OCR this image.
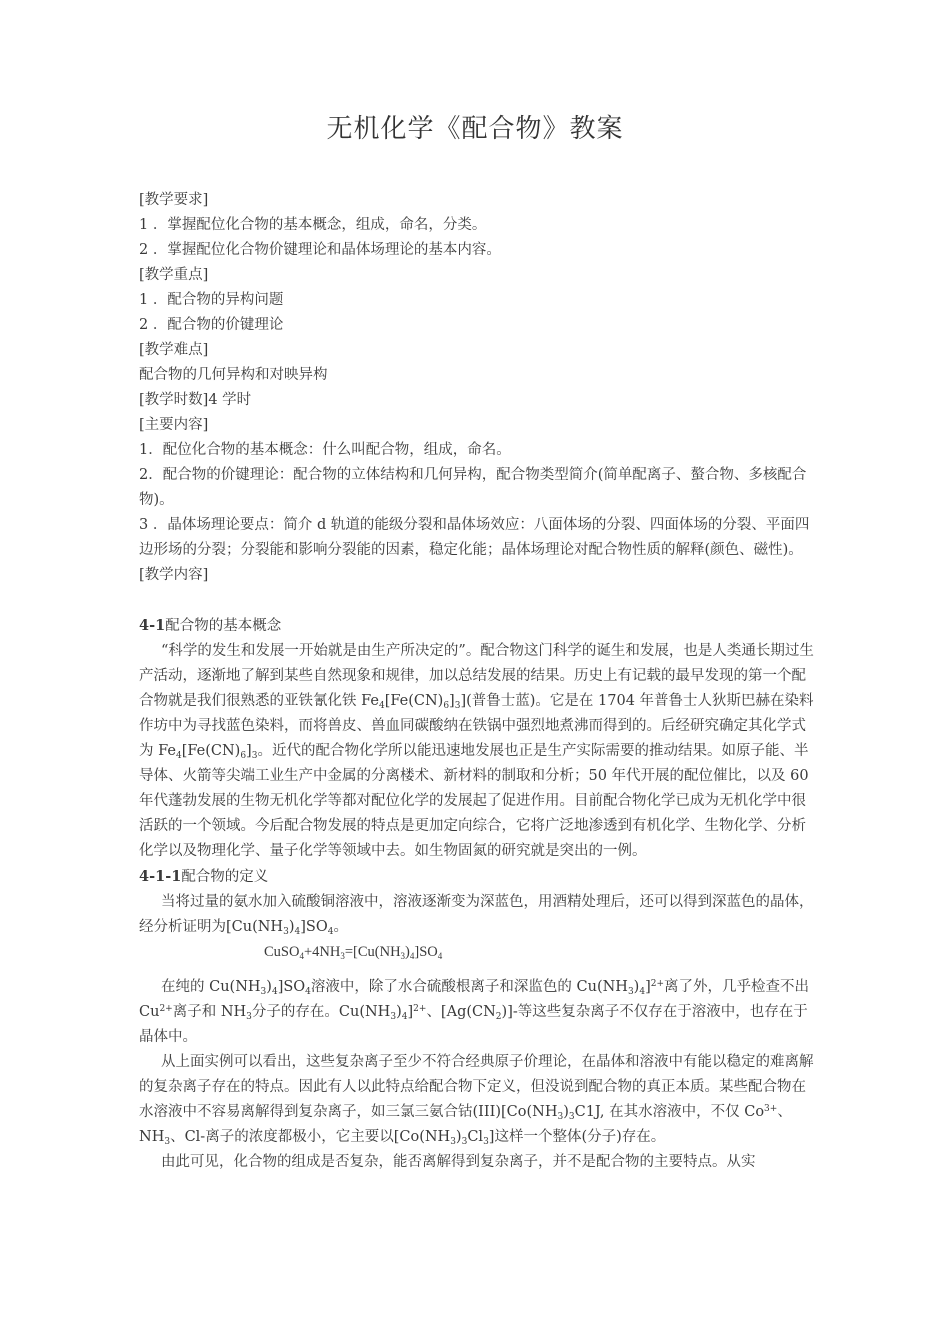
无机化学《配合物》教案

[教学要求]

1 ．掌握配位化合物的基本概念，组成，命名，分类。

2 ．掌握配位化合物价键理论和晶体场理论的基本内容。

[教学重点]

1 ．配合物的异构问题

2 ．配合物的价键理论

[教学难点]

配合物的几何异构和对映异构

[教学时数]4 学时

[主要内容]

1．配位化合物的基本概念：什么叫配合物，组成，命名。

2．配合物的价键理论：配合物的立体结构和几何异构，配合物类型简介(简单配离子、螯合物、多核配合物)。

3 ．晶体场理论要点：简介 d 轨道的能级分裂和晶体场效应：八面体场的分裂、四面体场的分裂、平面四边形场的分裂；分裂能和影响分裂能的因素，稳定化能；晶体场理论对配合物性质的解释(颜色、磁性)。

[教学内容]

4-1配合物的基本概念

“科学的发生和发展一开始就是由生产所决定的”。配合物这门科学的诞生和发展，也是人类通长期过生产活动，逐渐地了解到某些自然现象和规律，加以总结发展的结果。历史上有记载的最早发现的第一个配合物就是我们很熟悉的亚铁氰化铁 $Fe_4[Fe(CN)_6]_3$](普鲁士蓝)。它是在 1704 年普鲁士人狄斯巴赫在染料作坊中为寻找蓝色染料，而将兽皮、兽血同碳酸纳在铁锅中强烈地煮沸而得到的。后经研究确定其化学式为 $Fe_4[Fe(CN)_6]_3$。近代的配合物化学所以能迅速地发展也正是生产实际需要的推动结果。如原子能、半导体、火箭等尖端工业生产中金属的分离楼术、新材料的制取和分析；50 年代开展的配位催比，以及 60 年代蓬勃发展的生物无机化学等都对配位化学的发展起了促进作用。目前配合物化学已成为无机化学中很活跃的一个领域。今后配合物发展的特点是更加定向综合，它将广泛地渗透到有机化学、生物化学、分析化学以及物理化学、量子化学等领域中去。如生物固氮的研究就是突出的一例。

4-1-1配合物的定义

当将过量的氨水加入硫酸铜溶液中，溶液逐渐变为深蓝色，用酒精处理后，还可以得到深蓝色的晶体，经分析证明为$[Cu(NH_3)_4]SO_4$。

$CuSO_4+4NH_3=[Cu(NH_3)_4]SO_4$

在纯的 $Cu(NH_3)_4]SO_4$溶液中，除了水合硫酸根离子和深监色的 $Cu(NH_3)_4]^{2+}$离了外，几乎检查不出 $Cu^{2+}$离子和 $NH_3$分子的存在。$Cu(NH_3)_4]^{2+}$、$[Ag(CN_2)]-$等这些复杂离子不仅存在于溶液中，也存在于晶体中。

从上面实例可以看出，这些复杂离子至少不符合经典原子价理论，在晶体和溶液中有能以稳定的难离解的复杂离子存在的特点。因此有人以此特点给配合物下定义，但没说到配合物的真正本质。某些配合物在水溶液中不容易离解得到复杂离子，如三氯三氨合钴$(III)[Co(NH_3)_3C1J$, 在其水溶液中，不仅 $Co^{3+}$、$NH_3$、Cl-离子的浓度都极小，它主要以$[Co(NH_3)_3Cl_3]$这样一个整体(分子)存在。

由此可见，化合物的组成是否复杂，能否离解得到复杂离子，并不是配合物的主要特点。从实
